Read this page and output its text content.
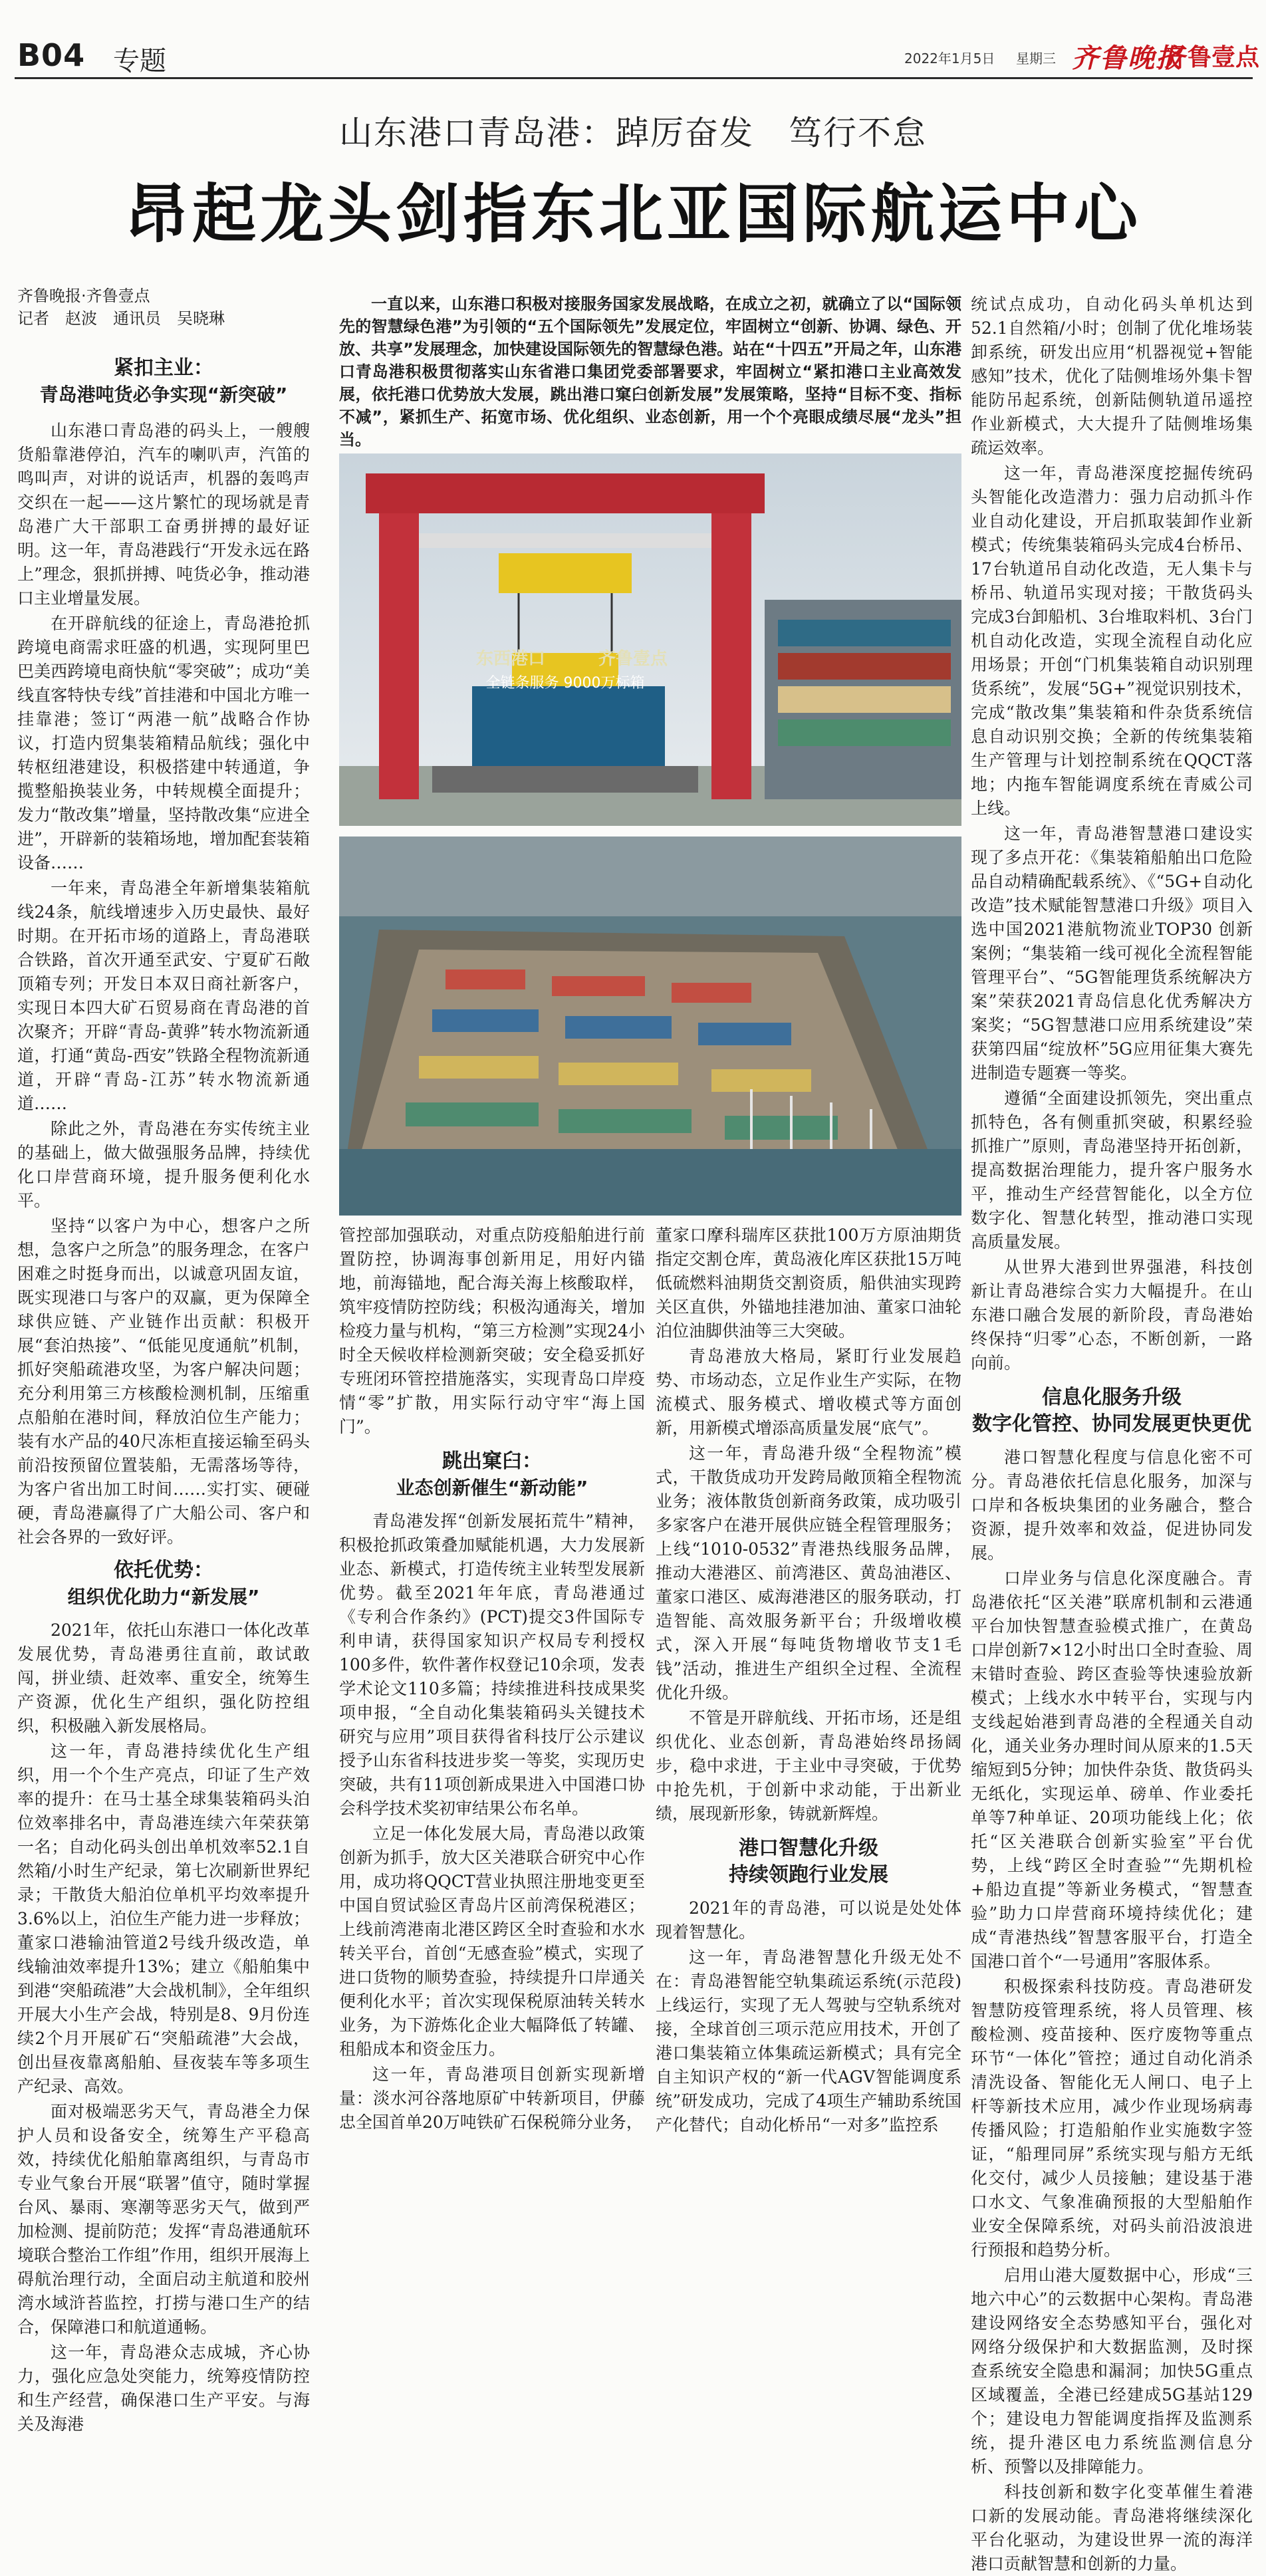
B04 专题	2022年1月5日 星期三 齐鲁晚报
齐鲁壹点
山东港口青岛港：踔厉奋发　笃行不怠
昂起龙头剑指东北亚国际航运中心
齐鲁晚报·齐鲁壹点
记者　赵波　通讯员　吴晓琳
一直以来，山东港口积极对接服务国家发展战略，在成立之初，就确立了以“国际领先的智慧绿色港”为引领的“五个国际领先”发展定位，牢固树立“创新、协调、绿色、开放、共享”发展理念，加快建设国际领先的智慧绿色港。站在“十四五”开局之年，山东港口青岛港积极贯彻落实山东省港口集团党委部署要求，牢固树立“紧扣港口主业高效发展，依托港口优势放大发展，跳出港口窠臼创新发展”发展策略，坚持“目标不变、指标不减”，紧抓生产、拓宽市场、优化组织、业态创新，用一个个亮眼成绩尽展“龙头”担当。
紧扣主业：
青岛港吨货必争实现“新突破”

山东港口青岛港的码头上，一艘艘货船靠港停泊，汽车的喇叭声，汽笛的鸣叫声，对讲的说话声，机器的轰鸣声交织在一起——这片繁忙的现场就是青岛港广大干部职工奋勇拼搏的最好证明。这一年，青岛港践行“开发永远在路上”理念，狠抓拼搏、吨货必争，推动港口主业增量发展。

在开辟航线的征途上，青岛港抢抓跨境电商需求旺盛的机遇，实现阿里巴巴美西跨境电商快航“零突破”；成功“美线直客特快专线”首挂港和中国北方唯一挂靠港；签订“两港一航”战略合作协议，打造内贸集装箱精品航线；强化中转枢纽港建设，积极搭建中转通道，争揽整船换装业务，中转规模全面提升；发力“散改集”增量，坚持散改集“应进全进”，开辟新的装箱场地，增加配套装箱设备……

一年来，青岛港全年新增集装箱航线24条，航线增速步入历史最快、最好时期。在开拓市场的道路上，青岛港联合铁路，首次开通至武安、宁夏矿石敞顶箱专列；开发日本双日商社新客户，实现日本四大矿石贸易商在青岛港的首次聚齐；开辟“青岛-黄骅”转水物流新通道，打通“黄岛-西安”铁路全程物流新通道，开辟“青岛-江苏”转水物流新通道……

除此之外，青岛港在夯实传统主业的基础上，做大做强服务品牌，持续优化口岸营商环境，提升服务便利化水平。

坚持“以客户为中心，想客户之所想，急客户之所急”的服务理念，在客户困难之时挺身而出，以诚意巩固友谊，既实现港口与客户的双赢，更为保障全球供应链、产业链作出贡献：积极开展“套泊热接”、“低能见度通航”机制，抓好突船疏港攻坚，为客户解决问题；充分利用第三方核酸检测机制，压缩重点船舶在港时间，释放泊位生产能力；装有水产品的40尺冻柜直接运输至码头前沿按预留位置装船，无需落场等待，为客户省出加工时间……实打实、硬碰硬，青岛港赢得了广大船公司、客户和社会各界的一致好评。

依托优势：
组织优化助力“新发展”

2021年，依托山东港口一体化改革发展优势，青岛港勇往直前，敢试敢闯，拼业绩、赶效率、重安全，统筹生产资源，优化生产组织，强化防控组织，积极融入新发展格局。

这一年，青岛港持续优化生产组织，用一个个生产亮点，印证了生产效率的提升：在马士基全球集装箱码头泊位效率排名中，青岛港连续六年荣获第一名；自动化码头创出单机效率52.1自然箱/小时生产纪录，第七次刷新世界纪录；干散货大船泊位单机平均效率提升3.6%以上，泊位生产能力进一步释放；董家口港输油管道2号线升级改造，单线输油效率提升13%；建立《船舶集中到港“突船疏港”大会战机制》，全年组织开展大小生产会战，特别是8、9月份连续2个月开展矿石“突船疏港”大会战，创出昼夜靠离船舶、昼夜装车等多项生产纪录、高效。

面对极端恶劣天气，青岛港全力保护人员和设备安全，统筹生产平稳高效，持续优化船舶靠离组织，与青岛市专业气象台开展“联署”值守，随时掌握台风、暴雨、寒潮等恶劣天气，做到严加检测、提前防范；发挥“青岛港通航环境联合整治工作组”作用，组织开展海上碍航治理行动，全面启动主航道和胶州湾水域浒苔监控，打捞与港口生产的结合，保障港口和航道通畅。

这一年，青岛港众志成城，齐心协力，强化应急处突能力，统筹疫情防控和生产经营，确保港口生产平安。与海关及海港

全链条服务 9000万标箱
东西港口	齐鲁壹点

管控部加强联动，对重点防疫船舶进行前置防控，协调海事创新用足，用好内锚地，前海锚地，配合海关海上核酸取样，筑牢疫情防控防线；积极沟通海关，增加检疫力量与机构，“第三方检测”实现24小时全天候收样检测新突破；安全稳妥抓好专班闭环管控措施落实，实现青岛口岸疫情“零”扩散，用实际行动守牢“海上国门”。

跳出窠臼：
业态创新催生“新动能”

青岛港发挥“创新发展拓荒牛”精神，积极抢抓政策叠加赋能机遇，大力发展新业态、新模式，打造传统主业转型发展新优势。截至2021年年底，青岛港通过《专利合作条约》(PCT)提交3件国际专利申请，获得国家知识产权局专利授权100多件，软件著作权登记10余项，发表学术论文110多篇；持续推进科技成果奖项申报，“全自动化集装箱码头关键技术研究与应用”项目获得省科技厅公示建议授予山东省科技进步奖一等奖，实现历史突破，共有11项创新成果进入中国港口协会科学技术奖初审结果公布名单。

立足一体化发展大局，青岛港以政策创新为抓手，放大区关港联合研究中心作用，成功将QQCT营业执照注册地变更至中国自贸试验区青岛片区前湾保税港区；上线前湾港南北港区跨区全时查验和水水转关平台，首创“无感查验”模式，实现了进口货物的顺势查验，持续提升口岸通关便利化水平；首次实现保税原油转关转水业务，为下游炼化企业大幅降低了转罐、租船成本和资金压力。

这一年，青岛港项目创新实现新增量：淡水河谷落地原矿中转新项目，伊藤忠全国首单20万吨铁矿石保税筛分业务，

董家口摩科瑞库区获批100万方原油期货指定交割仓库，黄岛液化库区获批15万吨低硫燃料油期货交割资质，船供油实现跨关区直供，外锚地挂港加油、董家口油轮泊位油脚供油等三大突破。

青岛港放大格局，紧盯行业发展趋势、市场动态，立足作业生产实际，在物流模式、服务模式、增收模式等方面创新，用新模式增添高质量发展“底气”。

这一年，青岛港升级“全程物流”模式，干散货成功开发跨局敞顶箱全程物流业务；液体散货创新商务政策，成功吸引多家客户在港开展供应链全程管理服务；上线“1010-0532”青港热线服务品牌，推动大港港区、前湾港区、黄岛油港区、董家口港区、威海港港区的服务联动，打造智能、高效服务新平台；升级增收模式，深入开展“每吨货物增收节支1毛钱”活动，推进生产组织全过程、全流程优化升级。

不管是开辟航线、开拓市场，还是组织优化、业态创新，青岛港始终昂扬阔步，稳中求进，于主业中寻突破，于优势中抢先机，于创新中求动能，于出新业绩，展现新形象，铸就新辉煌。

港口智慧化升级
持续领跑行业发展

2021年的青岛港，可以说是处处体现着智慧化。

这一年，青岛港智慧化升级无处不在：青岛港智能空轨集疏运系统(示范段)上线运行，实现了无人驾驶与空轨系统对接，全球首创三项示范应用技术，开创了港口集装箱立体集疏运新模式；具有完全自主知识产权的“新一代AGV智能调度系统”研发成功，完成了4项生产辅助系统国产化替代；自动化桥吊“一对多”监控系

统试点成功，自动化码头单机达到52.1自然箱/小时；创制了优化堆场装卸系统，研发出应用“机器视觉+智能感知”技术，优化了陆侧堆场外集卡智能防吊起系统，创新陆侧轨道吊遥控作业新模式，大大提升了陆侧堆场集疏运效率。

这一年，青岛港深度挖掘传统码头智能化改造潜力：强力启动抓斗作业自动化建设，开启抓取装卸作业新模式；传统集装箱码头完成4台桥吊、17台轨道吊自动化改造，无人集卡与桥吊、轨道吊实现对接；干散货码头完成3台卸船机、3台堆取料机、3台门机自动化改造，实现全流程自动化应用场景；开创“门机集装箱自动识别理货系统”，发展“5G+”视觉识别技术，完成“散改集”集装箱和件杂货系统信息自动识别交换；全新的传统集装箱生产管理与计划控制系统在QQCT落地；内拖车智能调度系统在青威公司上线。

这一年，青岛港智慧港口建设实现了多点开花：《集装箱船舶出口危险品自动精确配载系统》、《“5G+自动化改造”技术赋能智慧港口升级》项目入选中国2021港航物流业TOP30 创新案例；“集装箱一线可视化全流程智能管理平台”、“5G智能理货系统解决方案”荣获2021青岛信息化优秀解决方案奖；“5G智慧港口应用系统建设”荣获第四届“绽放杯”5G应用征集大赛先进制造专题赛一等奖。

遵循“全面建设抓领先，突出重点抓特色，各有侧重抓突破，积累经验抓推广”原则，青岛港坚持开拓创新，提高数据治理能力，提升客户服务水平，推动生产经营智能化，以全方位数字化、智慧化转型，推动港口实现高质量发展。

从世界大港到世界强港，科技创新让青岛港综合实力大幅提升。在山东港口融合发展的新阶段，青岛港始终保持“归零”心态，不断创新，一路向前。

信息化服务升级
数字化管控、协同发展更快更优

港口智慧化程度与信息化密不可分。青岛港依托信息化服务，加深与口岸和各板块集团的业务融合，整合资源，提升效率和效益，促进协同发展。

口岸业务与信息化深度融合。青岛港依托“区关港”联席机制和云港通平台加快智慧查验模式推广，在黄岛口岸创新7×12小时出口全时查验、周末错时查验、跨区查验等快速验放新模式；上线水水中转平台，实现与内支线起始港到青岛港的全程通关自动化，通关业务办理时间从原来的1.5天缩短到5分钟；加快件杂货、散货码头无纸化，实现运单、磅单、作业委托单等7种单证、20项功能线上化；依托“区关港联合创新实验室”平台优势，上线“跨区全时查验”“先期机检+船边直提”等新业务模式，“智慧查验”助力口岸营商环境持续优化；建成“青港热线”智慧客服平台，打造全国港口首个“一号通用”客服体系。

积极探索科技防疫。青岛港研发智慧防疫管理系统，将人员管理、核酸检测、疫苗接种、医疗废物等重点环节“一体化”管控；通过自动化消杀清洗设备、智能化无人闸口、电子上杆等新技术应用，减少作业现场病毒传播风险；打造船舶作业实施数字签证，“船理同屏”系统实现与船方无纸化交付，减少人员接触；建设基于港口水文、气象准确预报的大型船舶作业安全保障系统，对码头前沿波浪进行预报和趋势分析。

启用山港大厦数据中心，形成“三地六中心”的云数据中心架构。青岛港建设网络安全态势感知平台，强化对网络分级保护和大数据监测，及时探查系统安全隐患和漏洞；加快5G重点区域覆盖，全港已经建成5G基站129个；建设电力智能调度指挥及监测系统，提升港区电力系统监测信息分析、预警以及排障能力。

科技创新和数字化变革催生着港口新的发展动能。青岛港将继续深化平台化驱动，为建设世界一流的海洋港口贡献智慧和创新的力量。
